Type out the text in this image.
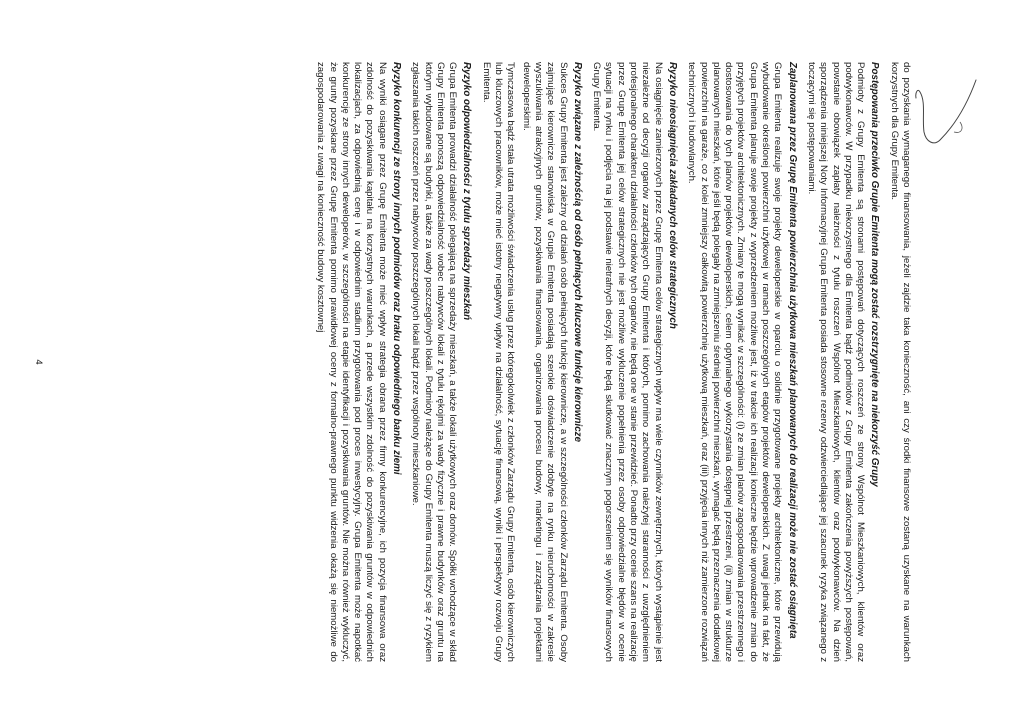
do pozyskania wymaganego finansowania, jeżeli zajdzie taka konieczność, ani czy środki finansowe zostaną uzyskane na warunkach korzystnych dla Grupy Emitenta.

Postępowania przeciwko Grupie Emitenta mogą zostać rozstrzygnięte na niekorzyść Grupy

Podmioty z Grupy Emitenta są stronami postępowań dotyczących roszczeń ze strony Wspólnot Mieszkaniowych, klientów oraz podwykonawców. W przypadku niekorzystnego dla Emitenta bądź podmiotów z Grupy Emitenta zakończenia powyższych postępowań, powstanie obowiązek zapłaty należności z tytułu roszczeń Wspólnot Mieszkaniowych, klientów oraz podwykonawców. Na dzień sporządzenia niniejszej Noty Informacyjnej Grupa Emitenta posiada stosowne rezerwy odzwierciedlające jej szacunek ryzyka związanego z toczącymi się postępowaniami.

Zaplanowana przez Grupę Emitenta powierzchnia użytkowa mieszkań planowanych do realizacji może nie zostać osiągnięta

Grupa Emitenta realizuje swoje projekty deweloperskie w oparciu o solidnie przygotowane projekty architektoniczne, które przewidują wybudowanie określonej powierzchni użytkowej w ramach poszczególnych etapów projektów deweloperskich. Z uwagi jednak na fakt, że Grupa Emitenta planuje swoje projekty z wyprzedzeniem możliwe jest, iż w trakcie ich realizacji konieczne będzie wprowadzenie zmian do przyjętych projektów architektonicznych. Zmiany te mogą wynikać w szczególności: (i) ze zmian planów zagospodarowania przestrzennego i dostosowania do tych planów projektów deweloperskich, celem optymalnego wykorzystania dostępnej przestrzeni, (ii) zmian w strukturze planowanych mieszkań, które jeśli będą polegały na zmniejszeniu średniej powierzchni mieszkań, wymagać będą przeznaczenia dodatkowej powierzchni na garaże, co z kolei zmniejszy całkowitą powierzchnię użytkową mieszkań, oraz (iii) przyjęcia innych niż zamierzone rozwiązań technicznych i budowlanych.

Ryzyko nieosiągnięcia zakładanych celów strategicznych

Na osiągnięcie zamierzonych przez Grupę Emitenta celów strategicznych wpływ ma wiele czynników zewnętrznych, których wystąpienie jest niezależne od decyzji organów zarządzających Grupy Emitenta i których, pomimo zachowania należytej staranności z uwzględnieniem profesjonalnego charakteru działalności członków tych organów, nie będą one w stanie przewidzieć. Ponadto przy ocenie szans na realizację przez Grupę Emitenta jej celów strategicznych nie jest możliwe wykluczenie popełnienia przez osoby odpowiedzialne błędów w ocenie sytuacji na rynku i podjęcia na jej podstawie nietrafnych decyzji, które będą skutkować znacznym pogorszeniem się wyników finansowych Grupy Emitenta.

Ryzyko związane z zależnością od osób pełniących kluczowe funkcje kierownicze

Sukces Grupy Emitenta jest zależny od działań osób pełniących funkcję kierownicze, a w szczególności członków Zarządu Emitenta. Osoby zajmujące kierownicze stanowiska w Grupie Emitenta posiadają szerokie doświadczenie zdobyte na rynku nieruchomości w zakresie wyszukiwania atrakcyjnych gruntów, pozyskiwania finansowania, organizowania procesu budowy, marketingu i zarządzania projektami deweloperskimi.

Tymczasowa bądź stała utrata możliwości świadczenia usług przez któregokolwiek z członków Zarządu Grupy Emitenta, osób kierowniczych lub kluczowych pracowników, może mieć istotny negatywny wpływ na działalność, sytuację finansową, wyniki i perspektywy rozwoju Grupy Emitenta.

Ryzyko odpowiedzialności z tytułu sprzedaży mieszkań

Grupa Emitenta prowadzi działalność polegającą na sprzedaży mieszkań, a także lokali użytkowych oraz domów. Spółki wchodzące w skład Grupy Emitenta ponoszą odpowiedzialność wobec nabywców lokali z tytułu rękojmi za wady fizyczne i prawne budynków oraz gruntu na którym wybudowane są budynki, a także za wady poszczególnych lokali. Podmioty należące do Grupy Emitenta muszą liczyć się z ryzykiem zgłaszania takich roszczeń przez nabywców poszczególnych lokali bądź przez wspólnoty mieszkaniowe.

Ryzyko konkurencji ze strony innych podmiotów oraz braku odpowiedniego banku ziemi

Na wyniki osiągane przez Grupę Emitenta może mieć wpływ strategia obrana przez firmy konkurencyjne, ich pozycja finansowa oraz zdolność do pozyskiwania kapitału na korzystnych warunkach, a przede wszystkim zdolność do pozyskiwania gruntów w odpowiednich lokalizacjach, za odpowiednią cenę i w odpowiednim stadium przygotowania pod proces inwestycyjny. Grupa Emitenta może napotkać konkurencję ze strony innych deweloperów, w szczególności na etapie identyfikacji i pozyskiwania gruntów. Nie można również wykluczyć, że grunty pozyskane przez Grupę Emitenta pomimo prawidłowej oceny z formalno-prawnego punktu widzenia okażą się niemożliwe do zagospodarowania z uwagi na konieczność budowy kosztownej

4
